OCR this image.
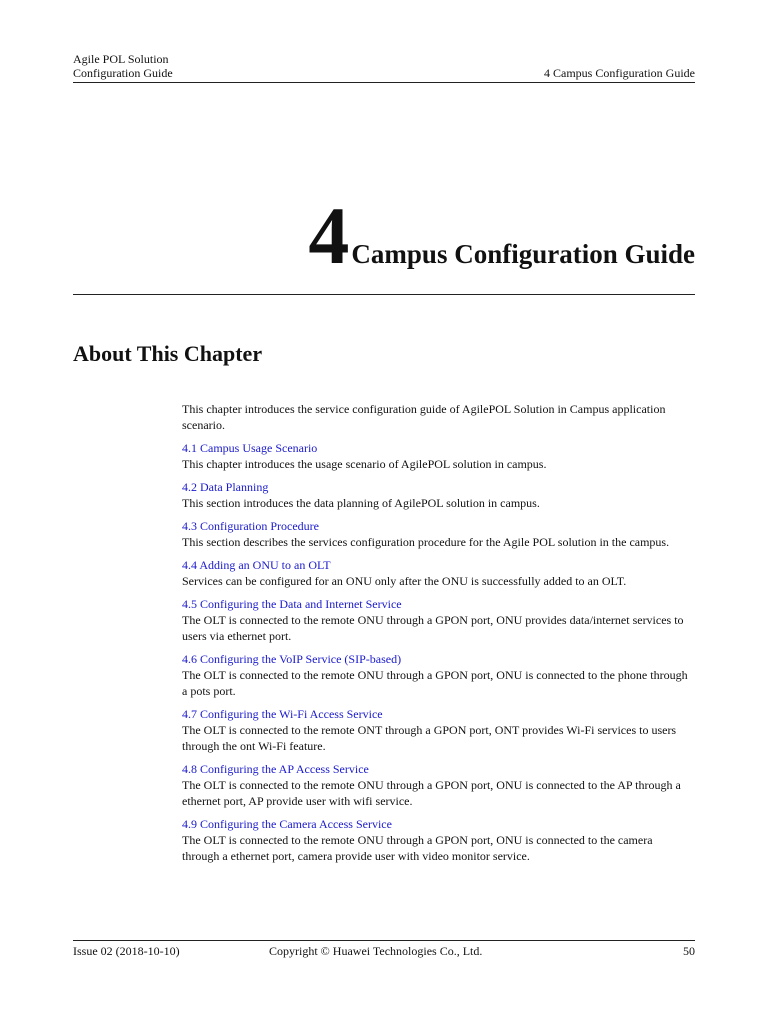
Agile POL Solution
Configuration Guide	4 Campus Configuration Guide
4Campus Configuration Guide
About This Chapter
This chapter introduces the service configuration guide of AgilePOL Solution in Campus application scenario.
4.1 Campus Usage Scenario
This chapter introduces the usage scenario of AgilePOL solution in campus.
4.2 Data Planning
This section introduces the data planning of AgilePOL solution in campus.
4.3 Configuration Procedure
This section describes the services configuration procedure for the Agile POL solution in the campus.
4.4 Adding an ONU to an OLT
Services can be configured for an ONU only after the ONU is successfully added to an OLT.
4.5 Configuring the Data and Internet Service
The OLT is connected to the remote ONU through a GPON port, ONU provides data/internet services to users via ethernet port.
4.6 Configuring the VoIP Service (SIP-based)
The OLT is connected to the remote ONU through a GPON port, ONU is connected to the phone through a pots port.
4.7 Configuring the Wi-Fi Access Service
The OLT is connected to the remote ONT through a GPON port, ONT provides Wi-Fi services to users through the ont Wi-Fi feature.
4.8 Configuring the AP Access Service
The OLT is connected to the remote ONU through a GPON port, ONU is connected to the AP through a ethernet port, AP provide user with wifi service.
4.9 Configuring the Camera Access Service
The OLT is connected to the remote ONU through a GPON port, ONU is connected to the camera through a ethernet port, camera provide user with video monitor service.
Issue 02 (2018-10-10)	Copyright © Huawei Technologies Co., Ltd.	50
